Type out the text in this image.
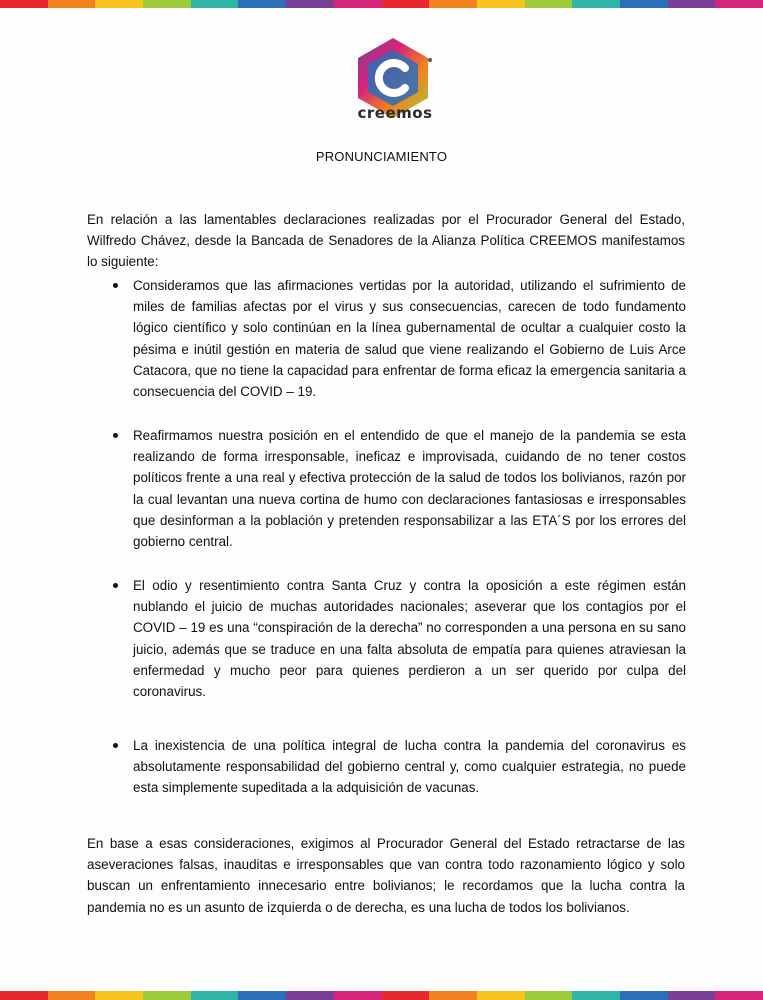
creemos
PRONUNCIAMIENTO

En relación a las lamentables declaraciones realizadas por el Procurador General del Estado, Wilfredo Chávez, desde la Bancada de Senadores de la Alianza Política CREEMOS manifestamos lo siguiente:

Consideramos que las afirmaciones vertidas por la autoridad, utilizando el sufrimiento de miles de familias afectas por el virus y sus consecuencias, carecen de todo fundamento lógico científico y solo continúan en la línea gubernamental de ocultar a cualquier costo la pésima e inútil gestión en materia de salud que viene realizando el Gobierno de Luis Arce Catacora, que no tiene la capacidad para enfrentar de forma eficaz la emergencia sanitaria a consecuencia del COVID – 19.
Reafirmamos nuestra posición en el entendido de que el manejo de la pandemia se esta realizando de forma irresponsable, ineficaz e improvisada, cuidando de no tener costos políticos frente a una real y efectiva protección de la salud de todos los bolivianos, razón por la cual levantan una nueva cortina de humo con declaraciones fantasiosas e irresponsables que desinforman a la población y pretenden responsabilizar a las ETA´S por los errores del gobierno central.
El odio y resentimiento contra Santa Cruz y contra la oposición a este régimen están nublando el juicio de muchas autoridades nacionales; aseverar que los contagios por el COVID – 19 es una “conspiración de la derecha” no corresponden a una persona en su sano juicio, además que se traduce en una falta absoluta de empatía para quienes atraviesan la enfermedad y mucho peor para quienes perdieron a un ser querido por culpa del coronavirus.
La inexistencia de una política integral de lucha contra la pandemia del coronavirus es absolutamente responsabilidad del gobierno central y, como cualquier estrategia, no puede esta simplemente supeditada a la adquisición de vacunas.

En base a esas consideraciones, exigimos al Procurador General del Estado retractarse de las aseveraciones falsas, inauditas e irresponsables que van contra todo razonamiento lógico y solo buscan un enfrentamiento innecesario entre bolivianos; le recordamos que la lucha contra la pandemia no es un asunto de izquierda o de derecha, es una lucha de todos los bolivianos.
